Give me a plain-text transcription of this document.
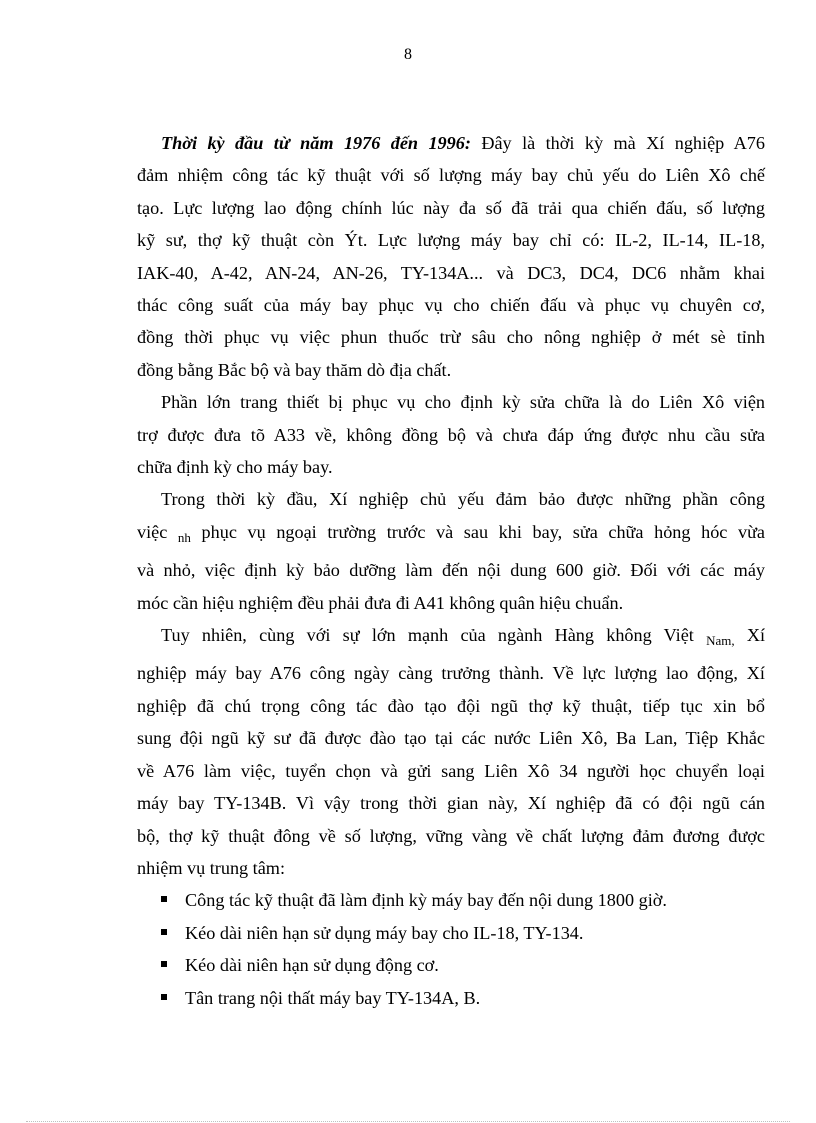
8
Thời kỳ đầu từ năm 1976 đến 1996: Đây là thời kỳ mà Xí nghiệp A76
đảm nhiệm công tác kỹ thuật với số lượng máy bay chủ yếu do Liên Xô chế
tạo. Lực lượng lao động chính lúc này đa số đã trải qua chiến đấu, số lượng
kỹ sư, thợ kỹ thuật còn Ýt. Lực lượng máy bay chỉ có: IL-2, IL-14, IL-18,
IAK-40, A-42, AN-24, AN-26, TY-134A... và DC3, DC4, DC6 nhằm khai
thác công suất của máy bay phục vụ cho chiến đấu và phục vụ chuyên cơ,
đồng thời phục vụ việc phun thuốc trừ sâu cho nông nghiệp ở mét sè tỉnh
đồng bằng Bắc bộ và bay thăm dò địa chất.
Phần lớn trang thiết bị phục vụ cho định kỳ sửa chữa là do Liên Xô viện
trợ được đưa tõ A33 về, không đồng bộ và chưa đáp ứng được nhu cầu sửa
chữa định kỳ cho máy bay.
Trong thời kỳ đầu, Xí nghiệp chủ yếu đảm bảo được những phần công
việc $_{nh}$ phục vụ ngoại trường trước và sau khi bay, sửa chữa hỏng hóc vừa
và nhỏ, việc định kỳ bảo dưỡng làm đến nội dung 600 giờ. Đối với các máy
móc cần hiệu nghiệm đều phải đưa đi A41 không quân hiệu chuẩn.
Tuy nhiên, cùng với sự lớn mạnh của ngành Hàng không Việt $_{Nam,}$ Xí
nghiệp máy bay A76 công ngày càng trưởng thành. Về lực lượng lao động, Xí
nghiệp đã chú trọng công tác đào tạo đội ngũ thợ kỹ thuật, tiếp tục xin bổ
sung đội ngũ kỹ sư đã được đào tạo tại các nước Liên Xô, Ba Lan, Tiệp Khắc
về A76 làm việc, tuyển chọn và gửi sang Liên Xô 34 người học chuyển loại
máy bay TY-134B. Vì vậy trong thời gian này, Xí nghiệp đã có đội ngũ cán
bộ, thợ kỹ thuật đông về số lượng, vững vàng về chất lượng đảm đương được
nhiệm vụ trung tâm:
Công tác kỹ thuật đã làm định kỳ máy bay đến nội dung 1800 giờ.
Kéo dài niên hạn sử dụng máy bay cho IL-18, TY-134.
Kéo dài niên hạn sử dụng động cơ.
Tân trang nội thất máy bay TY-134A, B.
